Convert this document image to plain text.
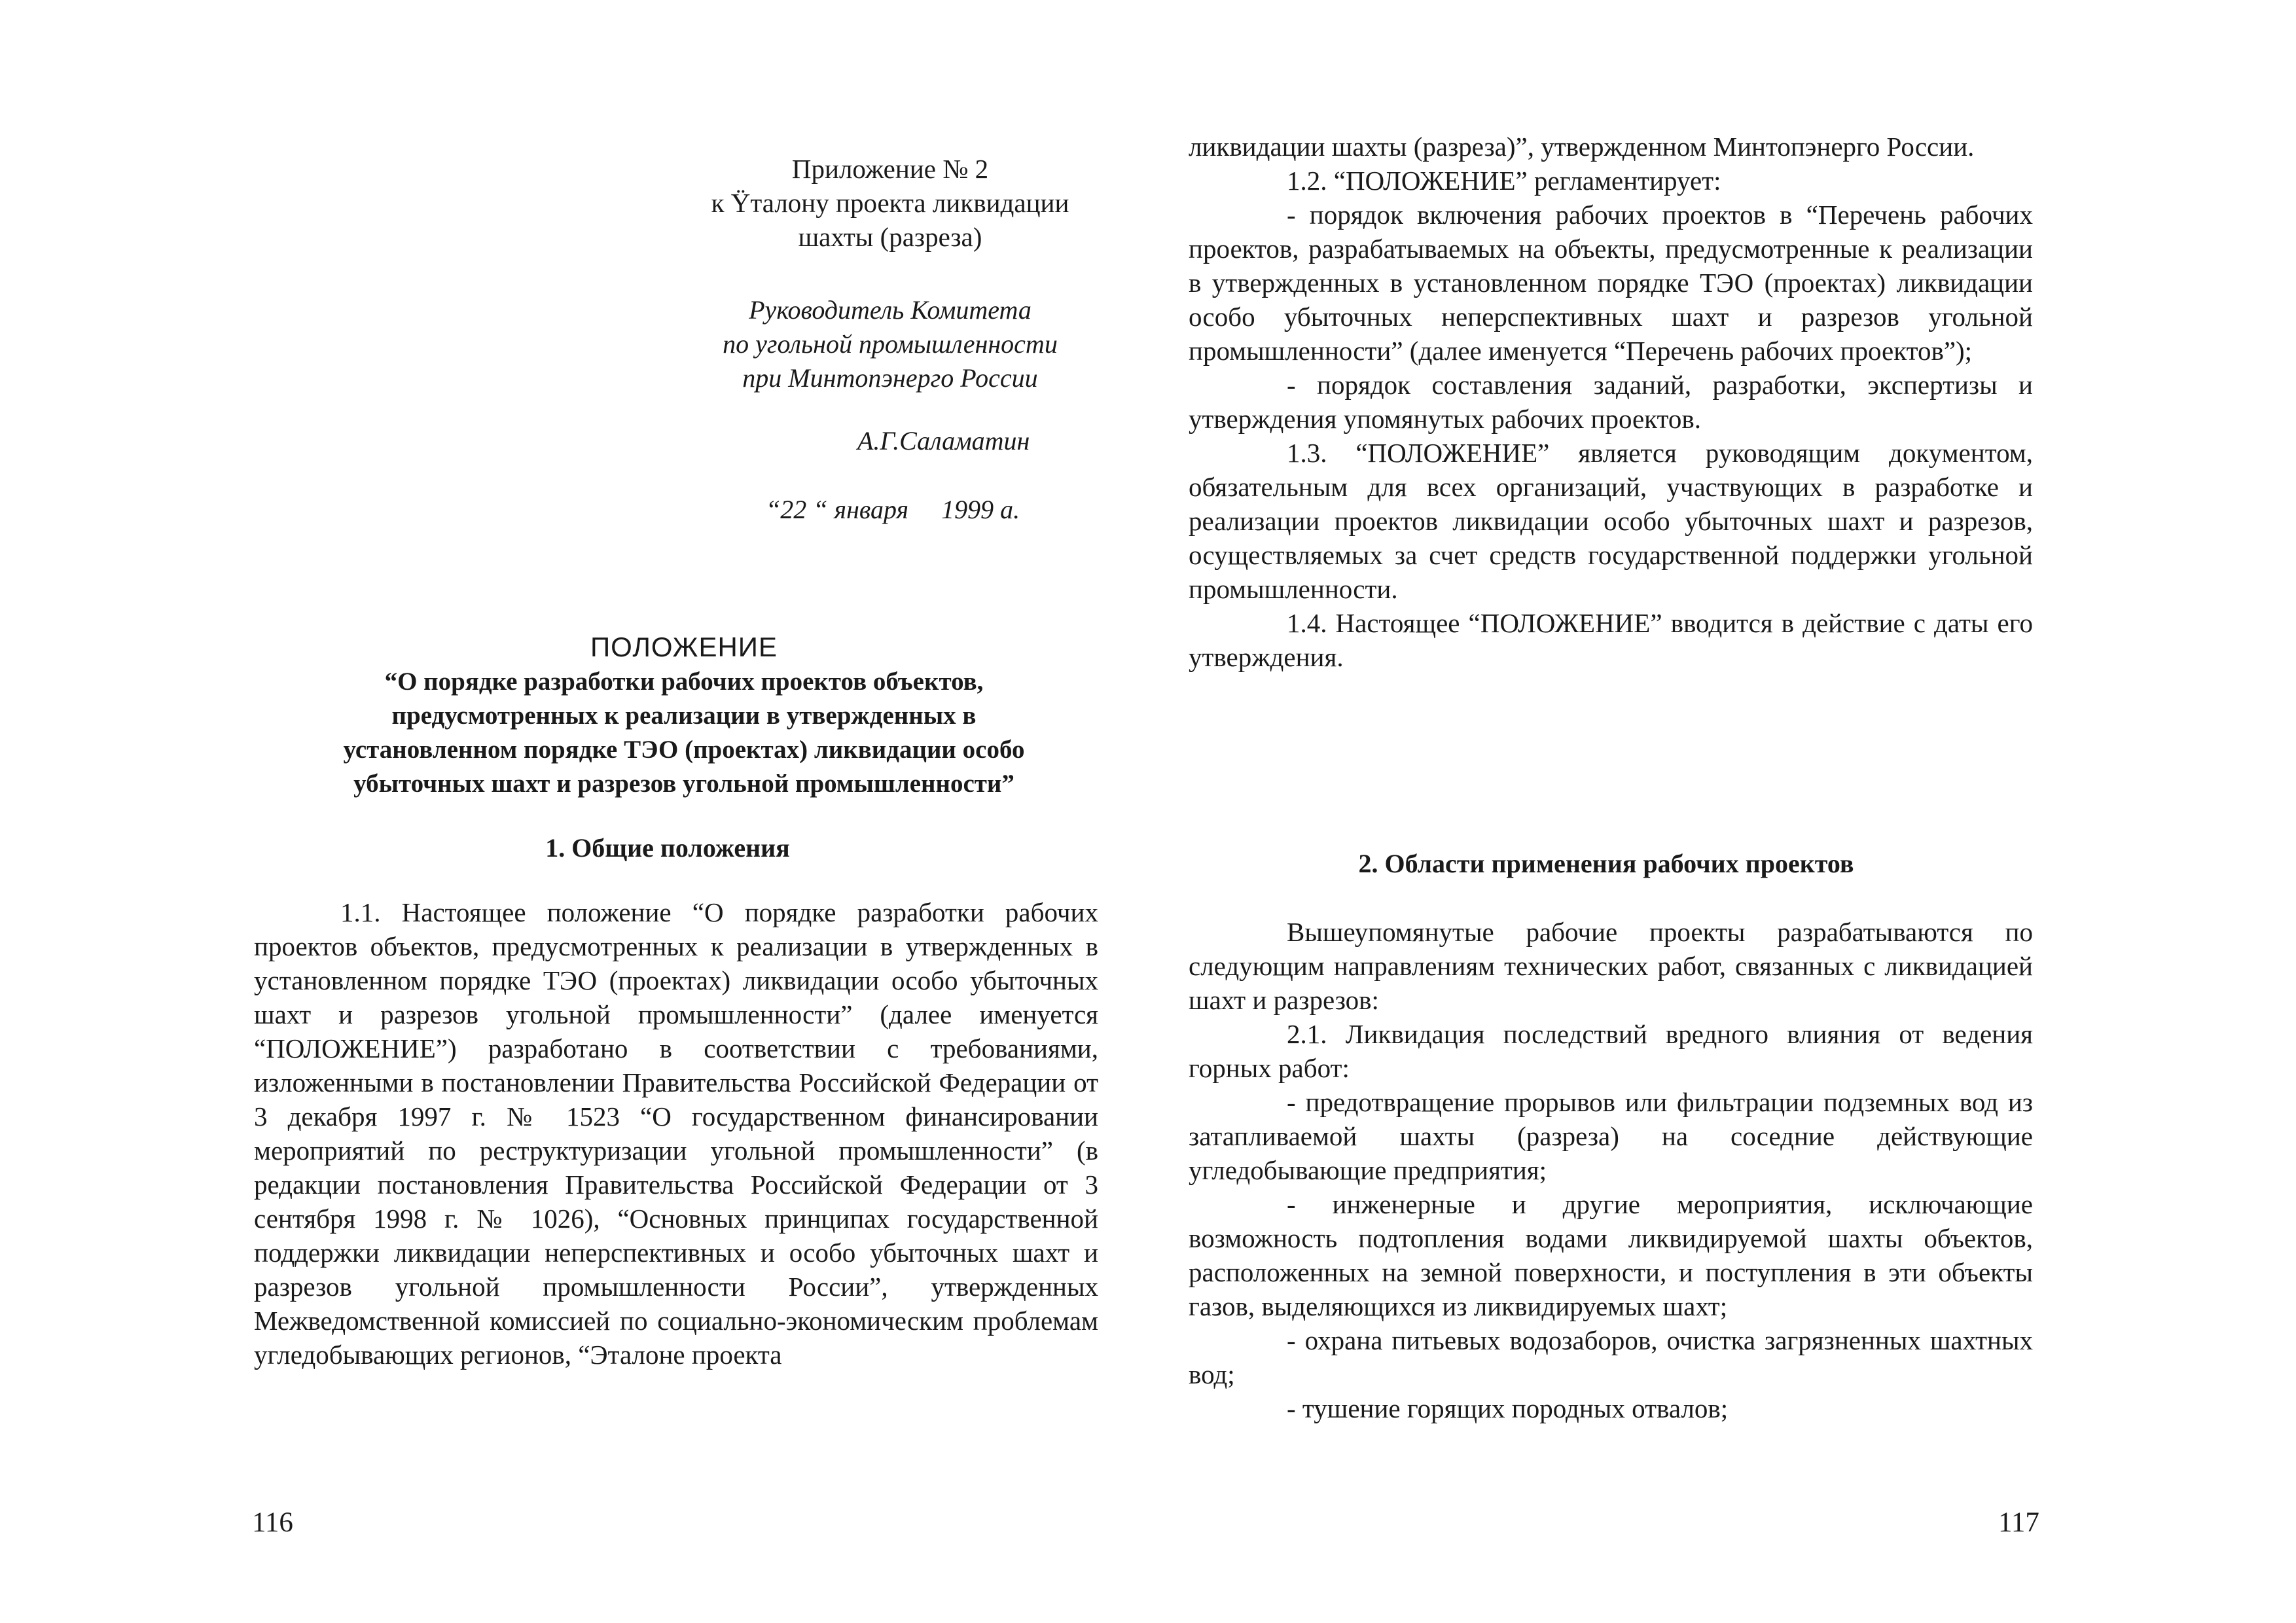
Приложение № 2
к Ÿталону проекта ликвидации
шахты (разреза)
Руководитель Комитета
по угольной промышленности
при Минтопэнерго России
А.Г.Саламатин
“22 “ января     1999 а.
ПОЛОЖЕНИЕ
“О порядке разработки рабочих проектов объектов,
предусмотренных к реализации в утвержденных в
установленном порядке ТЭО (проектах) ликвидации особо
убыточных шахт и разрезов угольной промышленности”
1. Общие положения

1.1. Настоящее положение “О порядке разработки рабочих проектов объектов, предусмотренных к реализации в утвержденных в установленном порядке ТЭО (проектах) ликвидации особо убыточных шахт и разрезов угольной промышленности” (далее именуется “ПОЛОЖЕНИЕ”) разработано в соответствии с требованиями, изложенными в постановлении Правительства Российской Федерации от 3 декабря 1997 г. № 1523 “О государственном финансировании мероприятий по реструктуризации угольной промышленности” (в редакции постановления Правительства Российской Федерации от 3 сентября 1998 г. № 1026), “Основных принципах государственной поддержки ликвидации неперспективных и особо убыточных шахт и разрезов угольной промышленности России”, утвержденных Межведомственной комиссией по социально-экономическим проблемам угледобывающих регионов, “Эталоне проекта

116

ликвидации шахты (разреза)”, утвержденном Минтопэнерго России.

1.2. “ПОЛОЖЕНИЕ” регламентирует:

- порядок включения рабочих проектов в “Перечень рабочих проектов, разрабатываемых на объекты, предусмотренные к реализации в утвержденных в установленном порядке ТЭО (проектах) ликвидации особо убыточных неперспективных шахт и разрезов угольной промышленности” (далее именуется “Перечень рабочих проектов”);

- порядок составления заданий, разработки, экспертизы и утверждения упомянутых рабочих проектов.

1.3. “ПОЛОЖЕНИЕ” является руководящим документом, обязательным для всех организаций, участвующих в разработке и реализации проектов ликвидации особо убыточных шахт и разрезов, осуществляемых за счет средств государственной поддержки угольной промышленности.

1.4. Настоящее “ПОЛОЖЕНИЕ” вводится в действие с даты его утверждения.

2. Области применения рабочих проектов

Вышеупомянутые рабочие проекты разрабатываются по следующим направлениям технических работ, связанных с ликвидацией шахт и разрезов:

2.1. Ликвидация последствий вредного влияния от ведения горных работ:

- предотвращение прорывов или фильтрации подземных вод из затапливаемой шахты (разреза) на соседние действующие угледобывающие предприятия;

- инженерные и другие мероприятия, исключающие возможность подтопления водами ликвидируемой шахты объектов, расположенных на земной поверхности, и поступления в эти объекты газов, выделяющихся из ликвидируемых шахт;

- охрана питьевых водозаборов, очистка загрязненных шахтных вод;

- тушение горящих породных отвалов;

117
